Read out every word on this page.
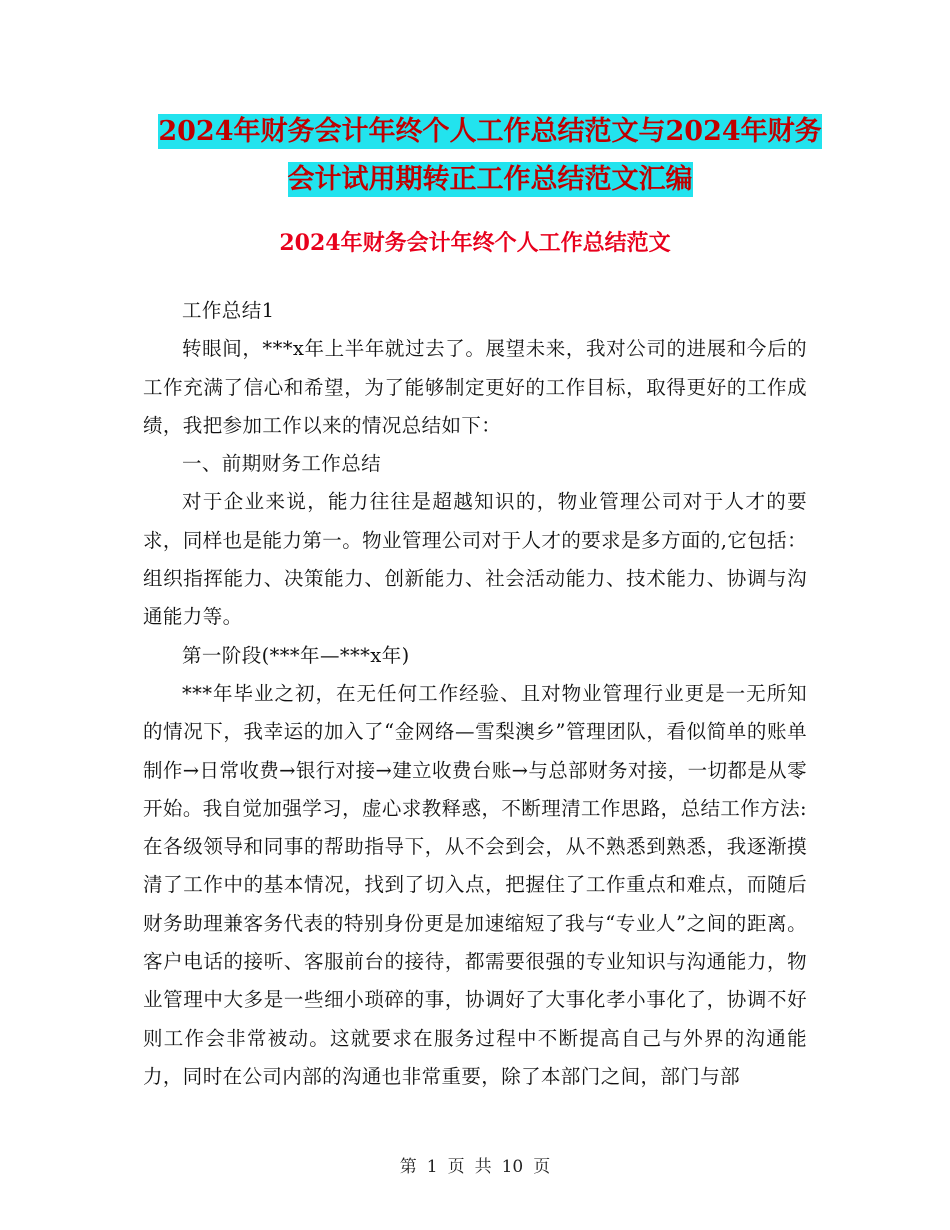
2024年财务会计年终个人工作总结范文与2024年财务
会计试用期转正工作总结范文汇编
2024年财务会计年终个人工作总结范文

工作总结1

转眼间，***x年上半年就过去了。展望未来，我对公司的进展和今后的工作充满了信心和希望，为了能够制定更好的工作目标，取得更好的工作成绩，我把参加工作以来的情况总结如下：

一、前期财务工作总结

对于企业来说，能力往往是超越知识的，物业管理公司对于人才的要求，同样也是能力第一。物业管理公司对于人才的要求是多方面的,它包括：组织指挥能力、决策能力、创新能力、社会活动能力、技术能力、协调与沟通能力等。

第一阶段(***年—***x年)

***年毕业之初，在无任何工作经验、且对物业管理行业更是一无所知的情况下，我幸运的加入了“金网络—雪梨澳乡”管理团队，看似简单的账单制作→日常收费→银行对接→建立收费台账→与总部财务对接，一切都是从零开始。我自觉加强学习，虚心求教释惑，不断理清工作思路，总结工作方法:在各级领导和同事的帮助指导下，从不会到会，从不熟悉到熟悉，我逐渐摸清了工作中的基本情况，找到了切入点，把握住了工作重点和难点，而随后财务助理兼客务代表的特别身份更是加速缩短了我与“专业人”之间的距离。客户电话的接听、客服前台的接待，都需要很强的专业知识与沟通能力，物业管理中大多是一些细小琐碎的事，协调好了大事化孝小事化了，协调不好则工作会非常被动。这就要求在服务过程中不断提高自己与外界的沟通能力，同时在公司内部的沟通也非常重要，除了本部门之间，部门与部

第 1 页 共 10 页
